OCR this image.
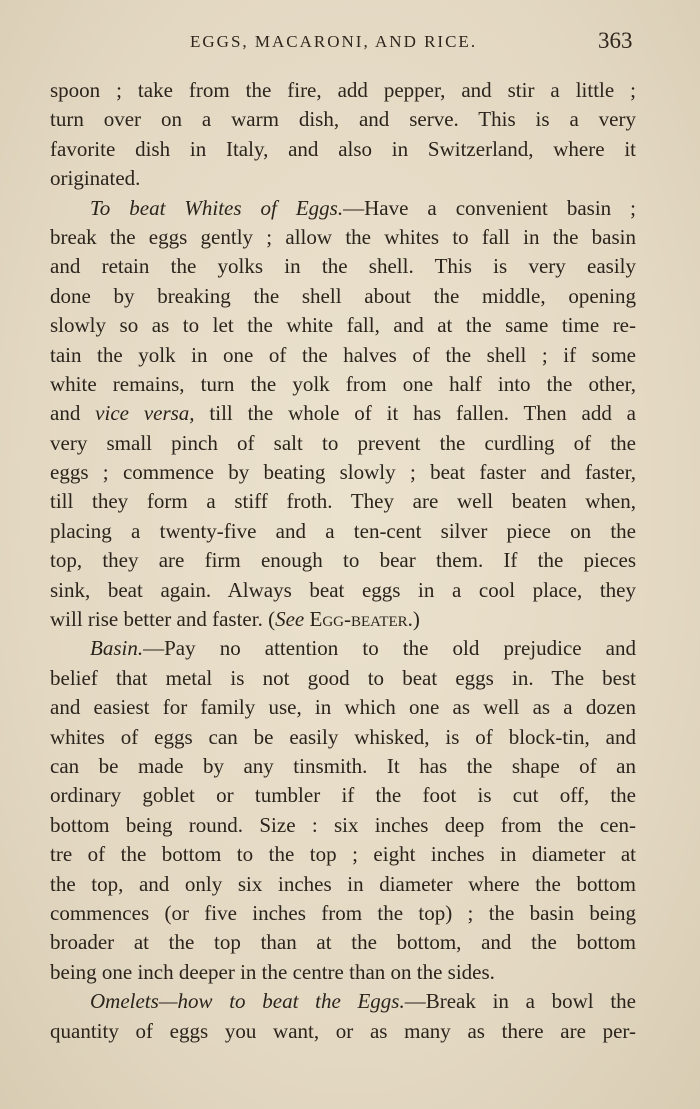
EGGS, MACARONI, AND RICE.	363
spoon ; take from the fire, add pepper, and stir a little ;
turn over on a warm dish, and serve. This is a very
favorite dish in Italy, and also in Switzerland, where it
originated.
To beat Whites of Eggs.—Have a convenient basin ;
break the eggs gently ; allow the whites to fall in the basin
and retain the yolks in the shell. This is very easily
done by breaking the shell about the middle, opening
slowly so as to let the white fall, and at the same time re-
tain the yolk in one of the halves of the shell ; if some
white remains, turn the yolk from one half into the other,
and vice versa, till the whole of it has fallen. Then add a
very small pinch of salt to prevent the curdling of the
eggs ; commence by beating slowly ; beat faster and faster,
till they form a stiff froth. They are well beaten when,
placing a twenty-five and a ten-cent silver piece on the
top, they are firm enough to bear them. If the pieces
sink, beat again. Always beat eggs in a cool place, they
will rise better and faster. (See Egg-beater.)
Basin.—Pay no attention to the old prejudice and
belief that metal is not good to beat eggs in. The best
and easiest for family use, in which one as well as a dozen
whites of eggs can be easily whisked, is of block-tin, and
can be made by any tinsmith. It has the shape of an
ordinary goblet or tumbler if the foot is cut off, the
bottom being round. Size : six inches deep from the cen-
tre of the bottom to the top ; eight inches in diameter at
the top, and only six inches in diameter where the bottom
commences (or five inches from the top) ; the basin being
broader at the top than at the bottom, and the bottom
being one inch deeper in the centre than on the sides.
Omelets—how to beat the Eggs.—Break in a bowl the
quantity of eggs you want, or as many as there are per-
